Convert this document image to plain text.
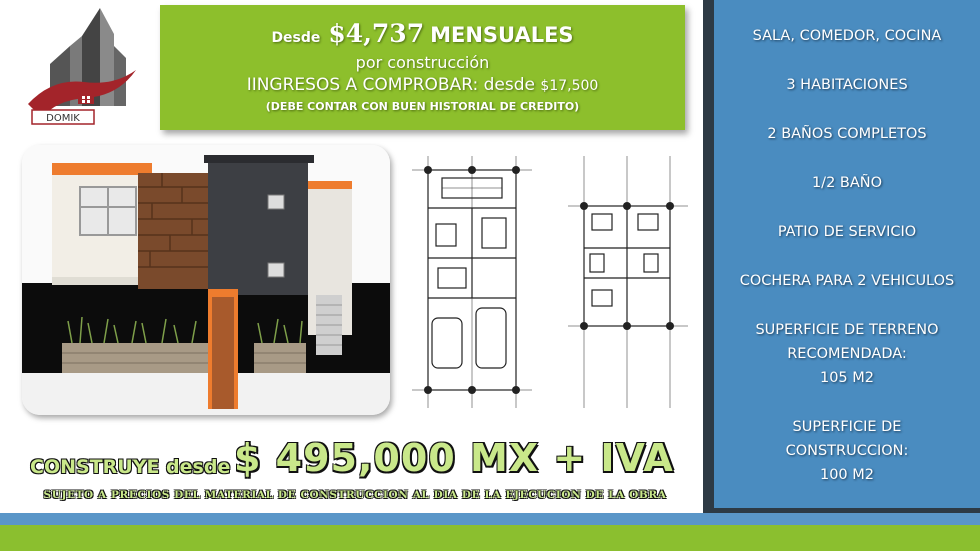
DOMIK
Desde $4,737 MENSUALES
por construcción
IINGRESOS A COMPROBAR: desde $17,500
(DEBE CONTAR CON BUEN HISTORIAL DE CREDITO)
CONSTRUYE desde $ 495,000 MX + IVA
SUJETO A PRECIOS DEL MATERIAL DE CONSTRUCCION AL DIA DE LA EJECUCION DE LA OBRA
SALA, COMEDOR, COCINA
3 HABITACIONES
2 BAÑOS COMPLETOS
1/2 BAÑO
PATIO DE SERVICIO
COCHERA PARA 2 VEHICULOS
SUPERFICIE DE TERRENO
RECOMENDADA:
105 M2
SUPERFICIE DE
CONSTRUCCION:
100 M2
